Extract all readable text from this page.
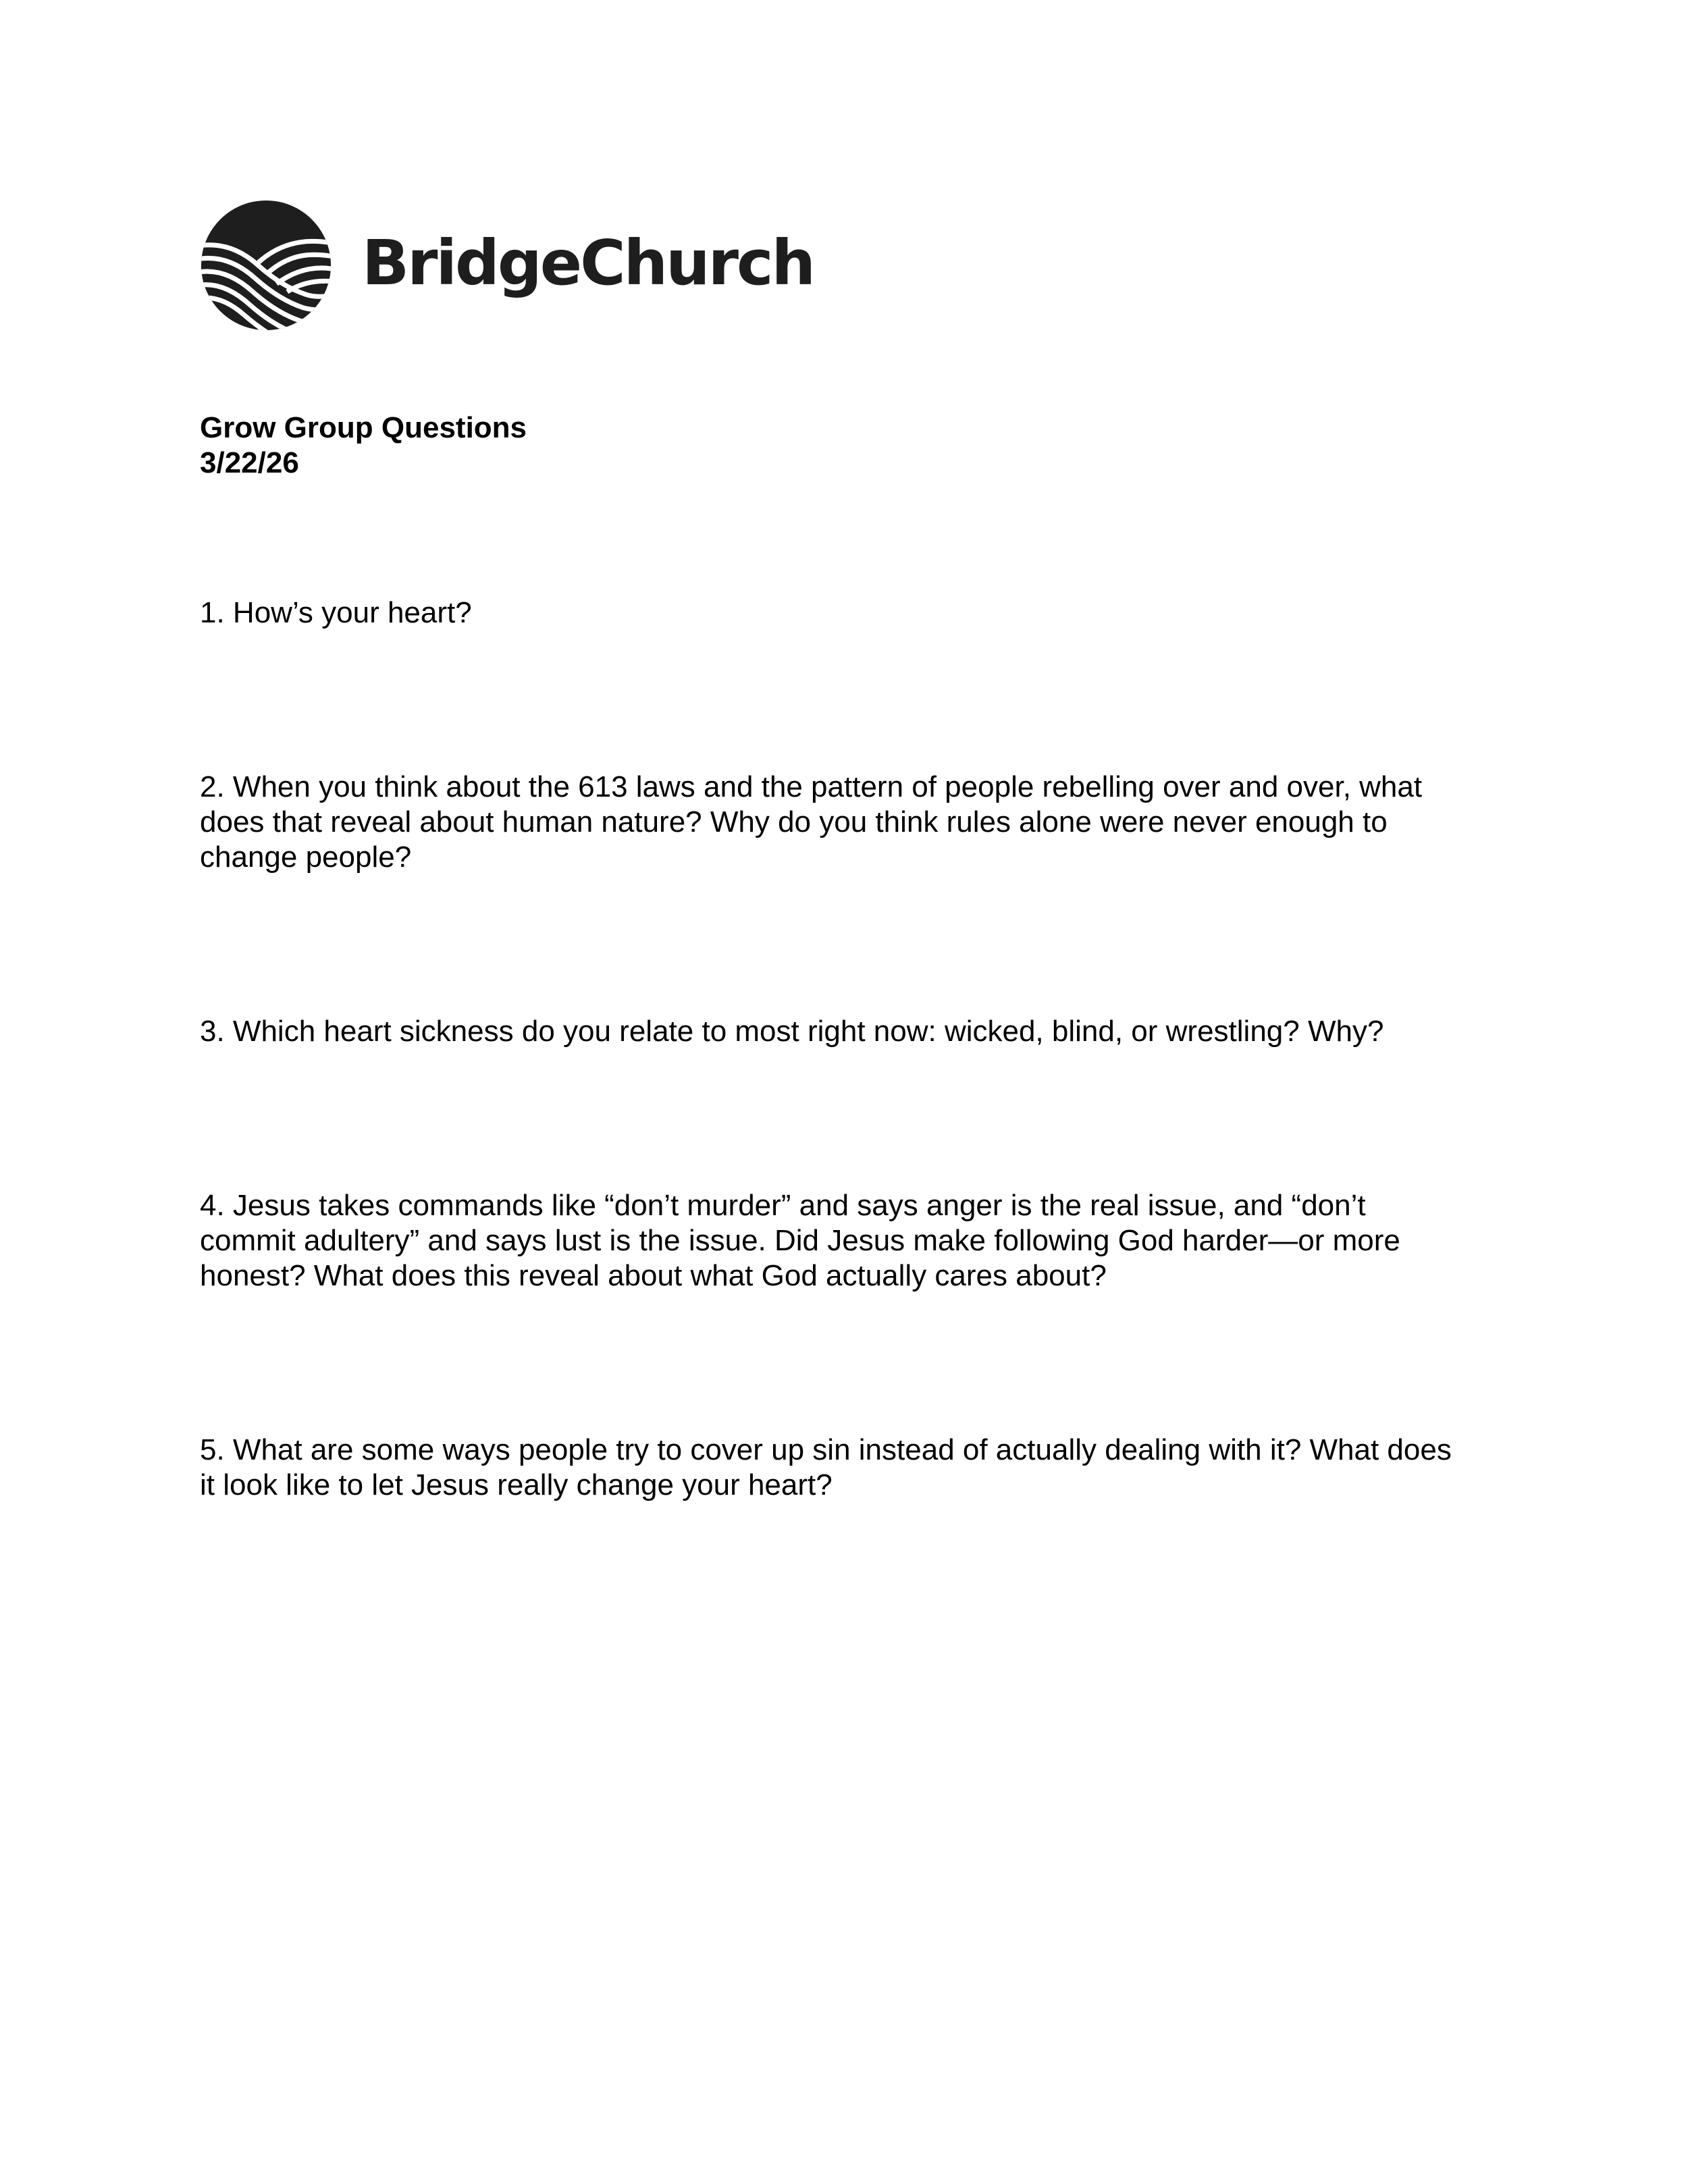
BridgeChurch
Grow Group Questions
3/22/26

1. How’s your heart?

2. When you think about the 613 laws and the pattern of people rebelling over and over, what

does that reveal about human nature? Why do you think rules alone were never enough to

change people?

3. Which heart sickness do you relate to most right now: wicked, blind, or wrestling? Why?

4. Jesus takes commands like “don’t murder” and says anger is the real issue, and “don’t

commit adultery” and says lust is the issue. Did Jesus make following God harder—or more

honest? What does this reveal about what God actually cares about?

5. What are some ways people try to cover up sin instead of actually dealing with it? What does

it look like to let Jesus really change your heart?
